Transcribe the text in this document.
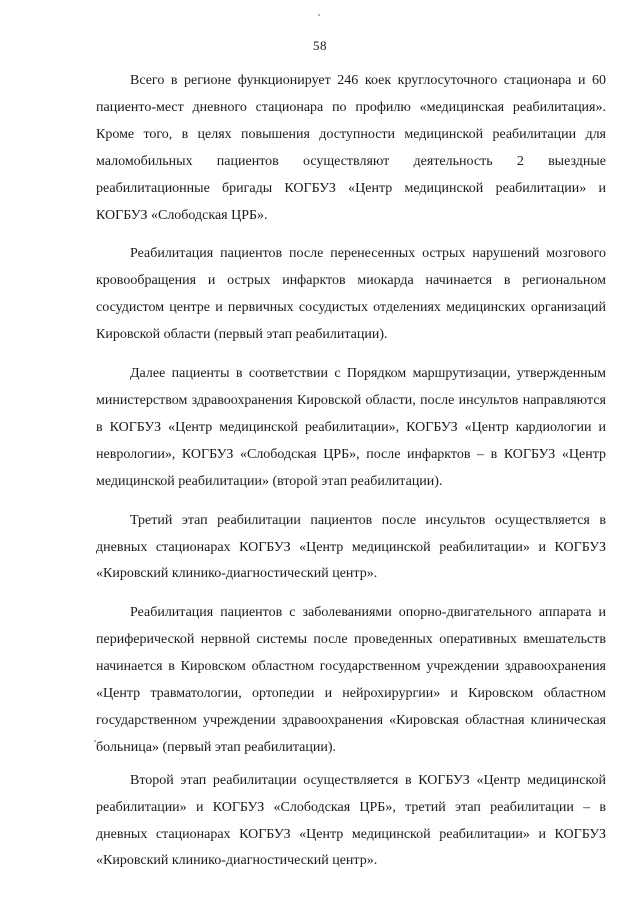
58

Всего в регионе функционирует 246 коек круглосуточного стационара и 60 пациенто-мест дневного стационара по профилю «медицинская реабилитация». Кроме того, в целях повышения доступности медицинской реабилитации для маломобильных пациентов осуществляют деятельность 2 выездные реабилитационные бригады КОГБУЗ «Центр медицинской реабилитации» и КОГБУЗ «Слободская ЦРБ».

Реабилитация пациентов после перенесенных острых нарушений мозгового кровообращения и острых инфарктов миокарда начинается в региональном сосудистом центре и первичных сосудистых отделениях медицинских организаций Кировской области (первый этап реабилитации).

Далее пациенты в соответствии с Порядком маршрутизации, утвержденным министерством здравоохранения Кировской области, после инсультов направляются в КОГБУЗ «Центр медицинской реабилитации», КОГБУЗ «Центр кардиологии и неврологии», КОГБУЗ «Слободская ЦРБ», после инфарктов – в КОГБУЗ «Центр медицинской реабилитации» (второй этап реабилитации).

Третий этап реабилитации пациентов после инсультов осуществляется в дневных стационарах КОГБУЗ «Центр медицинской реабилитации» и КОГБУЗ «Кировский клинико-диагностический центр».

Реабилитация пациентов с заболеваниями опорно-двигательного аппарата и периферической нервной системы после проведенных оперативных вмешательств начинается в Кировском областном государственном учреждении здравоохранения «Центр травматологии, ортопедии и нейрохирургии» и Кировском областном государственном учреждении здравоохранения «Кировская областная клиническая больница» (первый этап реабилитации).

Второй этап реабилитации осуществляется в КОГБУЗ «Центр медицинской реабилитации» и КОГБУЗ «Слободская ЦРБ», третий этап реабилитации – в дневных стационарах КОГБУЗ «Центр медицинской реабилитации» и КОГБУЗ «Кировский клинико-диагностический центр».
